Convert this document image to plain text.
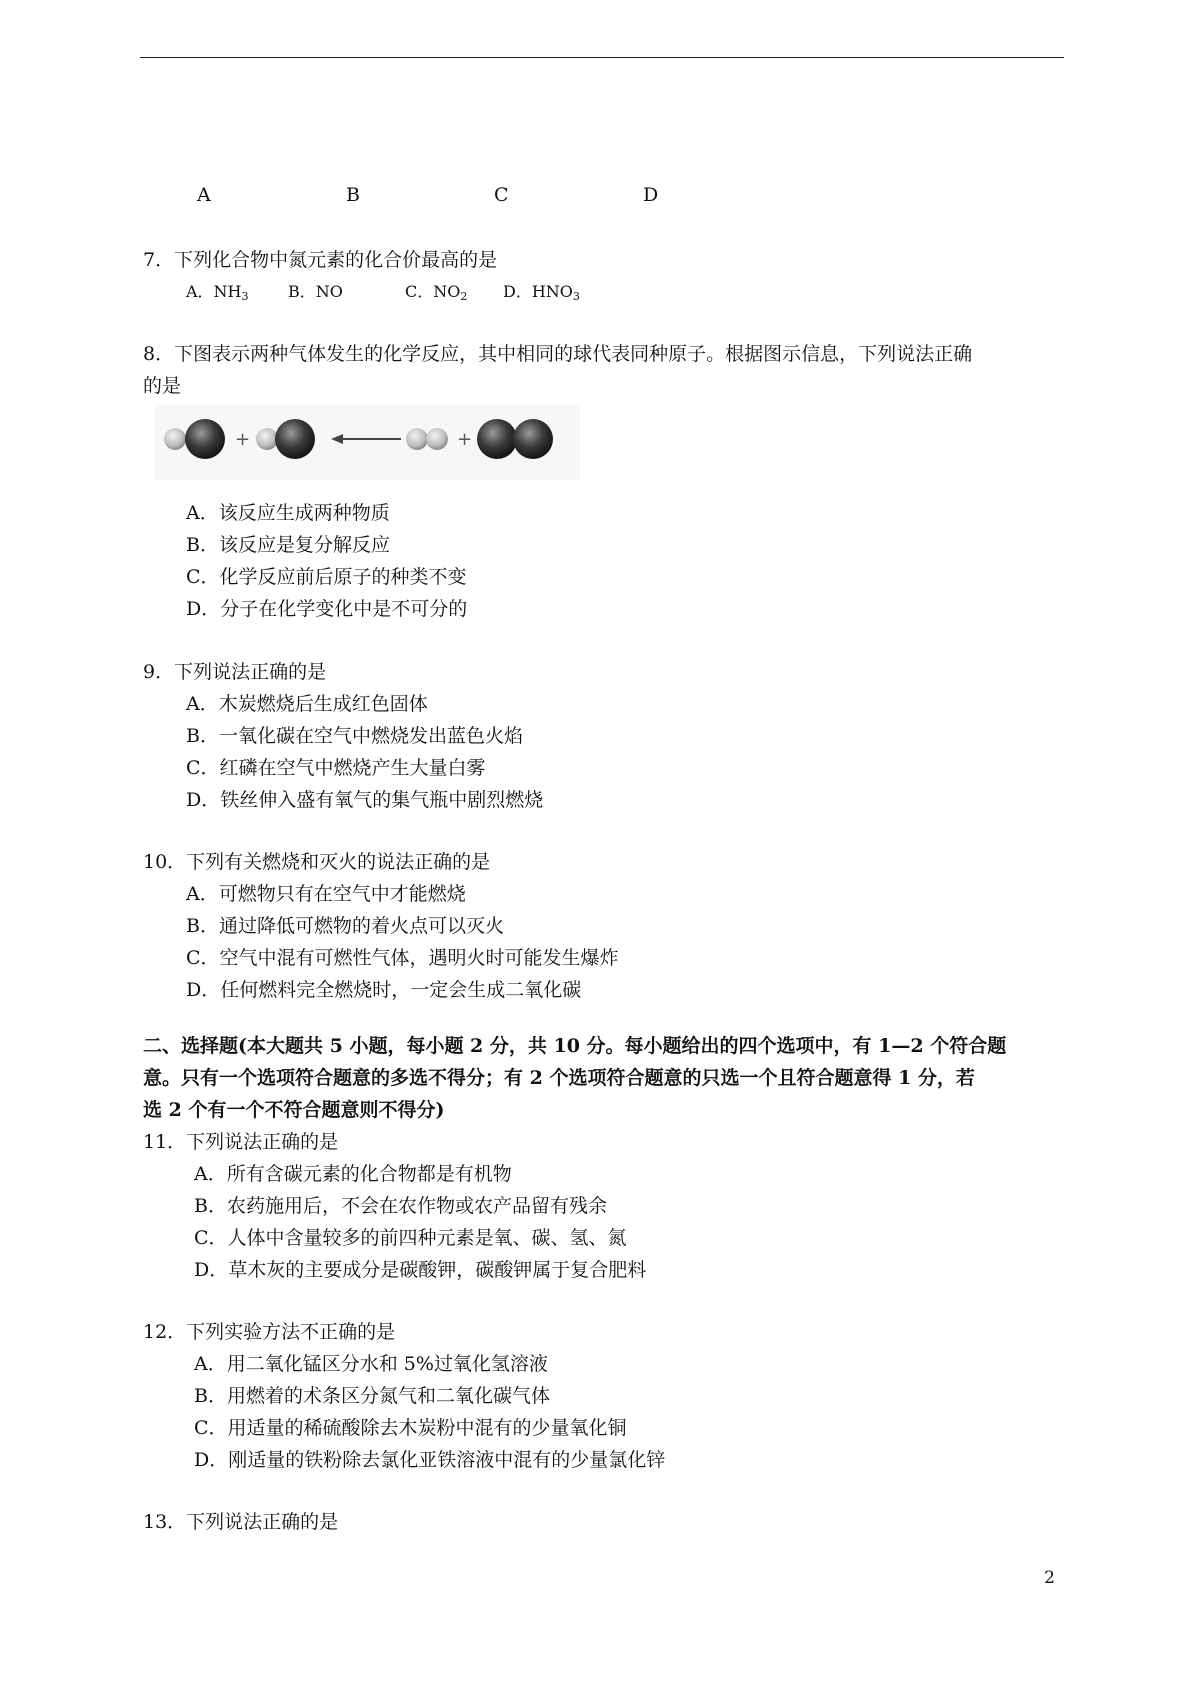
A	B	C	D
7．下列化合物中氮元素的化合价最高的是
A．$NH_3$ B．NO	C．$NO_2$ D．$HNO_3$
8．下图表示两种气体发生的化学反应，其中相同的球代表同种原子。根据图示信息，下列说法正确
的是
+	+
A．该反应生成两种物质
B．该反应是复分解反应
C．化学反应前后原子的种类不变
D．分子在化学变化中是不可分的
9．下列说法正确的是
A．木炭燃烧后生成红色固体
B．一氧化碳在空气中燃烧发出蓝色火焰
C．红磷在空气中燃烧产生大量白雾
D．铁丝伸入盛有氧气的集气瓶中剧烈燃烧
10．下列有关燃烧和灭火的说法正确的是
A．可燃物只有在空气中才能燃烧
B．通过降低可燃物的着火点可以灭火
C．空气中混有可燃性气体，遇明火时可能发生爆炸
D．任何燃料完全燃烧时，一定会生成二氧化碳
二、选择题(本大题共 5 小题，每小题 2 分，共 10 分。每小题给出的四个选项中，有 1—2 个符合题
意。只有一个选项符合题意的多选不得分；有 2 个选项符合题意的只选一个且符合题意得 1 分，若
选 2 个有一个不符合题意则不得分)
11．下列说法正确的是
A．所有含碳元素的化合物都是有机物
B．农药施用后，不会在农作物或农产品留有残余
C．人体中含量较多的前四种元素是氧、碳、氢、氮
D．草木灰的主要成分是碳酸钾，碳酸钾属于复合肥料
12．下列实验方法不正确的是
A．用二氧化锰区分水和 5%过氧化氢溶液
B．用燃着的术条区分氮气和二氧化碳气体
C．用适量的稀硫酸除去木炭粉中混有的少量氧化铜
D．刚适量的铁粉除去氯化亚铁溶液中混有的少量氯化锌
13．下列说法正确的是
2
